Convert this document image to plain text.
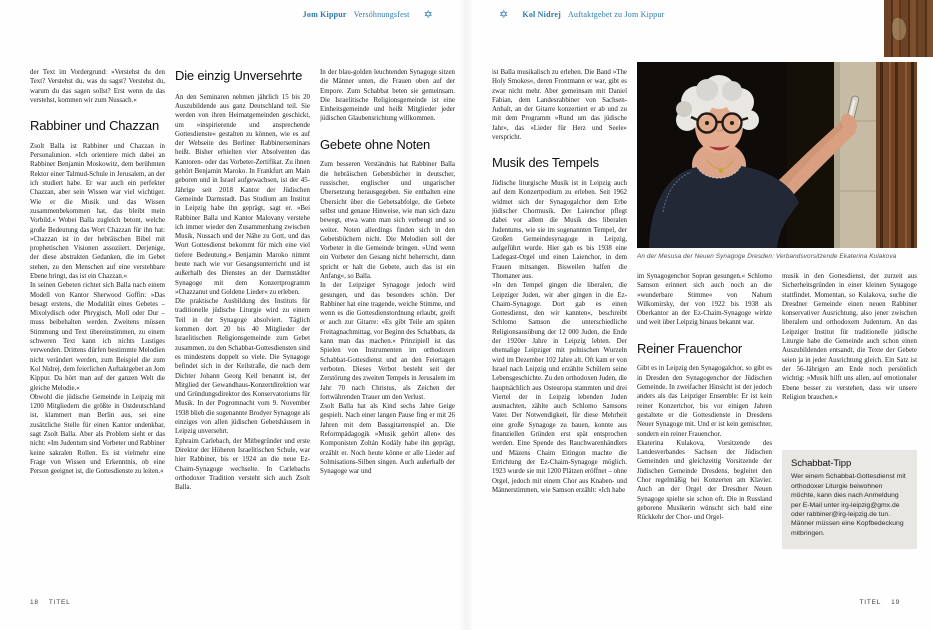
Jom Kippur Versöhnungsfest ✡	✡ Kol Nidrej Auftaktgebet zu Jom Kippur

der Text im Vordergrund: »Verstehst du den Text? Verstehst du, was du sagst? Verstehst du, warum du das sagen sollst? Erst wenn du das verstehst, kommen wir zum Nussach.«

Rabbiner und Chazzan

Zsolt Balla ist Rabbiner und Chazzan in Personalunion. »Ich orientiere mich dabei an Rabbiner Benjamin Moskowitz, dem berühmten Rektor einer Talmud-Schule in Jerusalem, an der ich studiert habe. Er war auch ein perfekter Chazzan, aber sein Wissen war viel wichtiger. Wie er die Musik und das Wissen zusammenbekommen hat, das bleibt mein Vorbild.« Wobei Balla zugleich betont, welche große Bedeutung das Wort Chazzan für ihn hat: »Chazzan ist in der hebräischen Bibel mit prophetischen Visionen assoziiert. Derjenige, der diese abstrakten Gedanken, die im Gebet stehen, zu den Menschen auf eine verstehbare Ebene bringt, das ist ein Chazzan.«

In seinen Gebeten richtet sich Balla nach einem Modell von Kantor Sherwood Goffin: »Das besagt erstens, die Modalität eines Gebetes – Mixolydisch oder Phrygisch, Moll oder Dur – muss beibehalten werden. Zweitens müssen Stimmung und Text übereinstimmen, zu einem schweren Text kann ich nichts Lustiges verwenden. Drittens dürfen bestimmte Melodien nicht verändert werden, zum Beispiel die zum Kol Nidrej, dem feierlichen Auftaktgebet an Jom Kippur. Da hört man auf der ganzen Welt die gleiche Melodie.«

Obwohl die jüdische Gemeinde in Leipzig mit 1200 Mitgliedern die größte in Ostdeutschland ist, klammert man Berlin aus, sei eine zusätzliche Stelle für einen Kantor undenkbar, sagt Zsolt Balla. Aber als Problem sieht er das nicht: »Im Judentum sind Vorbeter und Rabbiner keine sakralen Rollen. Es ist vielmehr eine Frage von Wissen und Erkenntnis, ob eine Person geeignet ist, die Gottesdienste zu leiten.«

Die einzig Unversehrte

An den Seminaren nehmen jährlich 15 bis 20 Auszubildende aus ganz Deutschland teil. Sie werden von ihren Heimatgemeinden geschickt, um »inspirierende und ansprechende Gottesdienste« gestalten zu können, wie es auf der Webseite des Berliner Rabbinerseminars heißt. Bisher erhielten vier Absolventen das Kantoren- oder das Vorbeter-Zertifikat. Zu ihnen gehört Benjamin Maroko. In Frankfurt am Main geboren und in Israel aufgewachsen, ist der 45-Jährige seit 2018 Kantor der Jüdischen Gemeinde Darmstadt. Das Studium am Institut in Leipzig habe ihn geprägt, sagt er. »Bei Rabbiner Balla und Kantor Malovany verstehe ich immer wieder den Zusammenhang zwischen Musik, Nussach und der Nähe zu Gott, und das Wort Gottesdienst bekommt für mich eine viel tiefere Bedeutung.« Benjamin Maroko nimmt heute nach wie vor Gesangsunterricht und ist außerhalb des Dienstes an der Darmstädter Synagoge mit dem Konzertprogramm »Chazzanut und Goldene Lieder« zu erleben.

Die praktische Ausbildung des Instituts für traditionelle jüdische Liturgie wird zu einem Teil in der Synagoge absolviert. Täglich kommen dort 20 bis 40 Mitglieder der Israelitischen Religionsgemeinde zum Gebet zusammen, zu den Schabbat-Gottesdiensten sind es mindestens doppelt so viele. Die Synagoge befindet sich in der Keilstraße, die nach dem Dichter Johann Georg Keil benannt ist, der Mitglied der Gewandhaus-Konzertdirektion war und Gründungsdirektor des Konservatoriums für Musik. In der Pogromnacht vom 9. November 1938 blieb die sogenannte Brodyer Synagoge als einziges von allen jüdischen Gebetshäusern in Leipzig unversehrt.

Ephraim Carlebach, der Mitbegründer und erste Direktor der Höheren Israelitischen Schule, war hier Rabbiner, bis er 1924 an die neue Ez-Chaim-Synagoge wechselte. In Carlebachs orthodoxer Tradition versteht sich auch Zsolt Balla.

In der blau-golden leuchtenden Synagoge sitzen die Männer unten, die Frauen oben auf der Empore. Zum Schabbat beten sie gemeinsam. Die Israelitische Religionsgemeinde ist eine Einheitsgemeinde und heißt Mitglieder jeder jüdischen Glaubensrichtung willkommen.

Gebete ohne Noten

Zum besseren Verständnis hat Rabbiner Balla die hebräischen Gebetsbücher in deutscher, russischer, englischer und ungarischer Übersetzung herausgegeben. Sie enthalten eine Übersicht über die Gebetsabfolge, die Gebete selbst und genaue Hinweise, wie man sich dazu bewegt, etwa wann man sich verbeugt und so weiter. Noten allerdings finden sich in den Gebetsbüchern nicht. Die Melodien soll der Vorbeter in die Gemeinde bringen. »Und wenn ein Vorbeter den Gesang nicht beherrscht, dann spricht er halt die Gebete, auch das ist ein Anfang«, so Balla.

In der Leipziger Synagoge jedoch wird gesungen, und das besonders schön. Der Rabbiner hat eine tragende, weiche Stimme, und wenn es die Gottesdienstordnung erlaubt, greift er auch zur Gitarre: »Es gibt Teile am späten Freitagnachmittag, vor Beginn des Schabbats, da kann man das machen.« Prinzipiell ist das Spielen von Instrumenten im orthodoxen Schabbat-Gottesdienst und an den Feiertagen verboten. Dieses Verbot besteht seit der Zerstörung des zweiten Tempels in Jerusalem im Jahr 70 nach Christus, als Zeichen der fortwährenden Trauer um den Verlust.

Zsolt Balla hat als Kind sechs Jahre Geige gespielt. Nach einer langen Pause fing er mit 26 Jahren mit dem Bassgitarrenspiel an. Die Reformpädagogik »Musik gehört allen« des Komponisten Zoltán Kodály habe ihn geprägt, erzählt er. Noch heute könne er alle Lieder auf Solmisations-Silben singen. Auch außerhalb der Synagoge war und

ist Balla musikalisch zu erleben. Die Band »The Holy Smokes«, deren Frontmann er war, gibt es zwar nicht mehr. Aber gemeinsam mit Daniel Fabian, dem Landesrabbiner von Sachsen-Anhalt, an der Gitarre konzertiert er ab und zu mit dem Programm »Rund um das jüdische Jahr«, das »Lieder für Herz und Seele« verspricht.

Musik des Tempels

Jüdische liturgische Musik ist in Leipzig auch auf dem Konzertpodium zu erleben. Seit 1962 widmet sich der Synagogalchor dem Erbe jüdischer Chormusik. Der Laienchor pflegt dabei vor allem die Musik des liberalen Judentums, wie sie im sogenannten Tempel, der Großen Gemeindesynagoge in Leipzig, aufgeführt wurde. Hier gab es bis 1938 eine Ladegast-Orgel und einen Laienchor, in dem Frauen mitsangen. Bisweilen halfen die Thomaner aus.

»In den Tempel gingen die liberalen, die Leipziger Juden, wir aber gingen in die Ez-Chaim-Synagoge. Dort gab es einen Gottesdienst, den wir kannten«, beschreibt Schlomo Samson die unterschiedliche Religionsausübung der 12 000 Juden, die Ende der 1920er Jahre in Leipzig lebten. Der ehemalige Leipziger mit polnischen Wurzeln wird im Dezember 102 Jahre alt. Oft kam er von Israel nach Leipzig und erzählte Schülern seine Lebensgeschichte. Zu den orthodoxen Juden, die hauptsächlich aus Osteuropa stammten und drei Viertel der in Leipzig lebenden Juden ausmachten, zählte auch Schlomo Samsons Vater. Der Notwendigkeit, für diese Mehrheit eine große Synagoge zu bauen, konnte aus finanziellen Gründen erst spät entsprochen werden. Eine Spende des Rauchwarenhändlers und Mäzens Chaim Eitingon machte die Errichtung der Ez-Chaim-Synagoge möglich. 1923 wurde sie mit 1200 Plätzen eröffnet – ohne Orgel, jedoch mit einem Chor aus Knaben- und Männerstimmen, wie Samson erzählt: »Ich habe

An der Mesusa der Neuen Synagoge Dresden: Verbandsvorsitzende Ekaterina Kulakova

im Synagogenchor Sopran gesungen.« Schlomo Samson erinnert sich auch noch an die »wunderbare Stimme« von Nahum Wilkomirsky, der von 1922 bis 1938 als Oberkantor an der Ez-Chaim-Synagoge wirkte und weit über Leipzig hinaus bekannt war.

Reiner Frauenchor

Gibt es in Leipzig den Synagogalchor, so gibt es in Dresden den Synagogenchor der Jüdischen Gemeinde. In zweifacher Hinsicht ist der jedoch anders als das Leipziger Ensemble: Er ist kein reiner Konzertchor, bis vor einigen Jahren gestaltete er die Gottesdienste in Dresdens Neuer Synagoge mit. Und er ist kein gemischter, sondern ein reiner Frauenchor.

Ekaterina Kulakova, Vorsitzende des Landesverbandes Sachsen der Jüdischen Gemeinden und gleichzeitig Vorsitzende der Jüdischen Gemeinde Dresdens, begleitet den Chor regelmäßig bei Konzerten am Klavier. Auch an der Orgel der Dresdner Neuen Synagoge spielte sie schon oft. Die in Russland geborene Musikerin wünscht sich bald eine Rückkehr der Chor- und Orgel-

musik in den Gottesdienst, der zurzeit aus Sicherheitsgründen in einer kleinen Synagoge stattfindet. Momentan, so Kulakova, suche die Dresdner Gemeinde einen neuen Rabbiner konservativer Ausrichtung, also jener zwischen liberalem und orthodoxem Judentum. An das Leipziger Institut für traditionelle jüdische Liturgie habe die Gemeinde auch schon einen Auszubildenden entsandt, die Texte der Gebete seien ja in jeder Ausrichtung gleich. Ein Satz ist der 56-Jährigen am Ende noch persönlich wichtig: »Musik hilft uns allen, auf emotionaler Ebene besser zu verstehen, dass wir unsere Religion brauchen.«

Schabbat-Tipp

Wer einem Schabbat-Gottesdienst mit orthodoxer Liturgie beiwohnen möchte, kann dies nach Anmeldung per E-Mail unter irg-leipzig@gmx.de oder rabbiner@irg-leipzig.de tun. Männer müssen eine Kopfbedeckung mitbringen.

18 TITEL	TITEL 19
